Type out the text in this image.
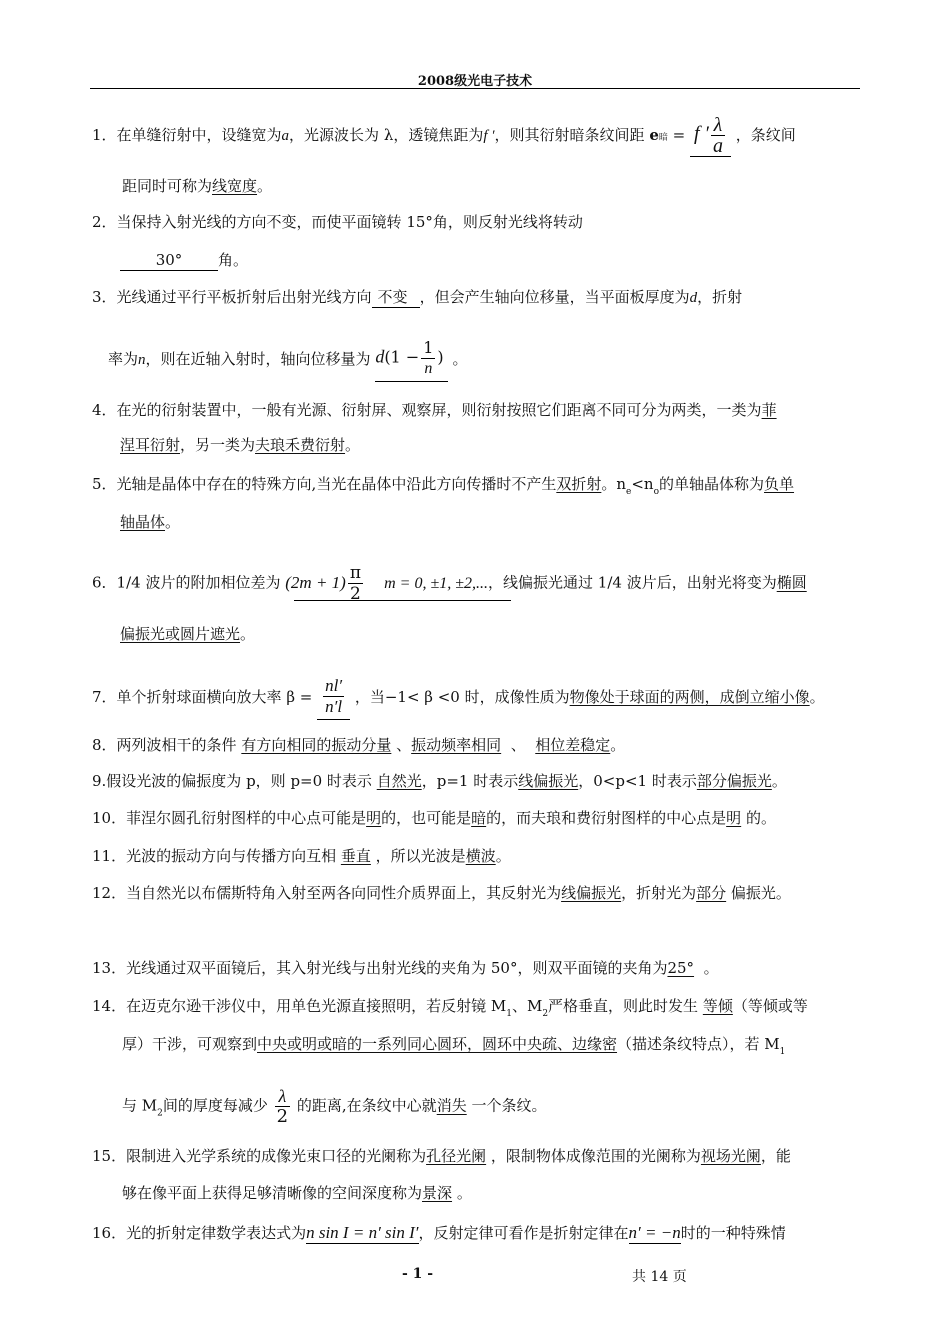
2008级光电子技术
1．在单缝衍射中，设缝宽为a，光源波长为 λ，透镜焦距为f ′，则其衍射暗条纹间距 e暗 = f ′ $\frac{\lambda}{a}$ ，条纹间
距同时可称为线宽度。
2．当保持入射光线的方向不变，而使平面镜转 15°角，则反射光线将转动
30° 角。
3．光线通过平行平板折射后出射光线方向 不变 ，但会产生轴向位移量，当平面板厚度为d，折射
率为n，则在近轴入射时，轴向位移量为 $d(1 - \frac{1}{n}$ ) 。
4．在光的衍射装置中，一般有光源、衍射屏、观察屏，则衍射按照它们距离不同可分为两类，一类为菲
涅耳衍射，另一类为夫琅禾费衍射。
5．光轴是晶体中存在的特殊方向,当光在晶体中沿此方向传播时不产生双折射。$n_e<n_o$的单轴晶体称为负单
轴晶体。
6．1/4 波片的附加相位差为 $(2m + 1) \frac{\pi}{2}$ m = 0, ±1, ±2,...，线偏振光通过 1/4 波片后，出射光将变为椭圆
偏振光或圆片遮光。
7．单个折射球面横向放大率 $\beta = \frac{nl'}{n'l}$ ，当−1< β <0 时，成像性质为物像处于球面的两侧，成倒立缩小像。
8．两列波相干的条件 有方向相同的振动分量 、振动频率相同 、 相位差稳定。
9.假设光波的偏振度为 p，则 p=0 时表示 自然光，p=1 时表示线偏振光，0<p<1 时表示部分偏振光。
10．菲涅尔圆孔衍射图样的中心点可能是明的，也可能是暗的，而夫琅和费衍射图样的中心点是明 的。
11．光波的振动方向与传播方向互相 垂直 ，所以光波是横波。
12．当自然光以布儒斯特角入射至两各向同性介质界面上，其反射光为线偏振光，折射光为部分 偏振光。
13．光线通过双平面镜后，其入射光线与出射光线的夹角为 50°，则双平面镜的夹角为25° 。
14．在迈克尔逊干涉仪中，用单色光源直接照明，若反射镜 $M_1$、$M_2$严格垂直，则此时发生 等倾（等倾或等
厚）干涉，可观察到中央或明或暗的一系列同心圆环，圆环中央疏、边缘密（描述条纹特点），若 $M_1$
与 $M_2$间的厚度每减少 $\frac{\lambda}{2}$ 的距离,在条纹中心就消失 一个条纹。
15．限制进入光学系统的成像光束口径的光阑称为孔径光阑 ，限制物体成像范围的光阑称为视场光阑，能
够在像平面上获得足够清晰像的空间深度称为景深 。
16．光的折射定律数学表达式为n sin I = n′ sin I′，反射定律可看作是折射定律在n′ = −n时的一种特殊情
- 1 -	共 14 页
